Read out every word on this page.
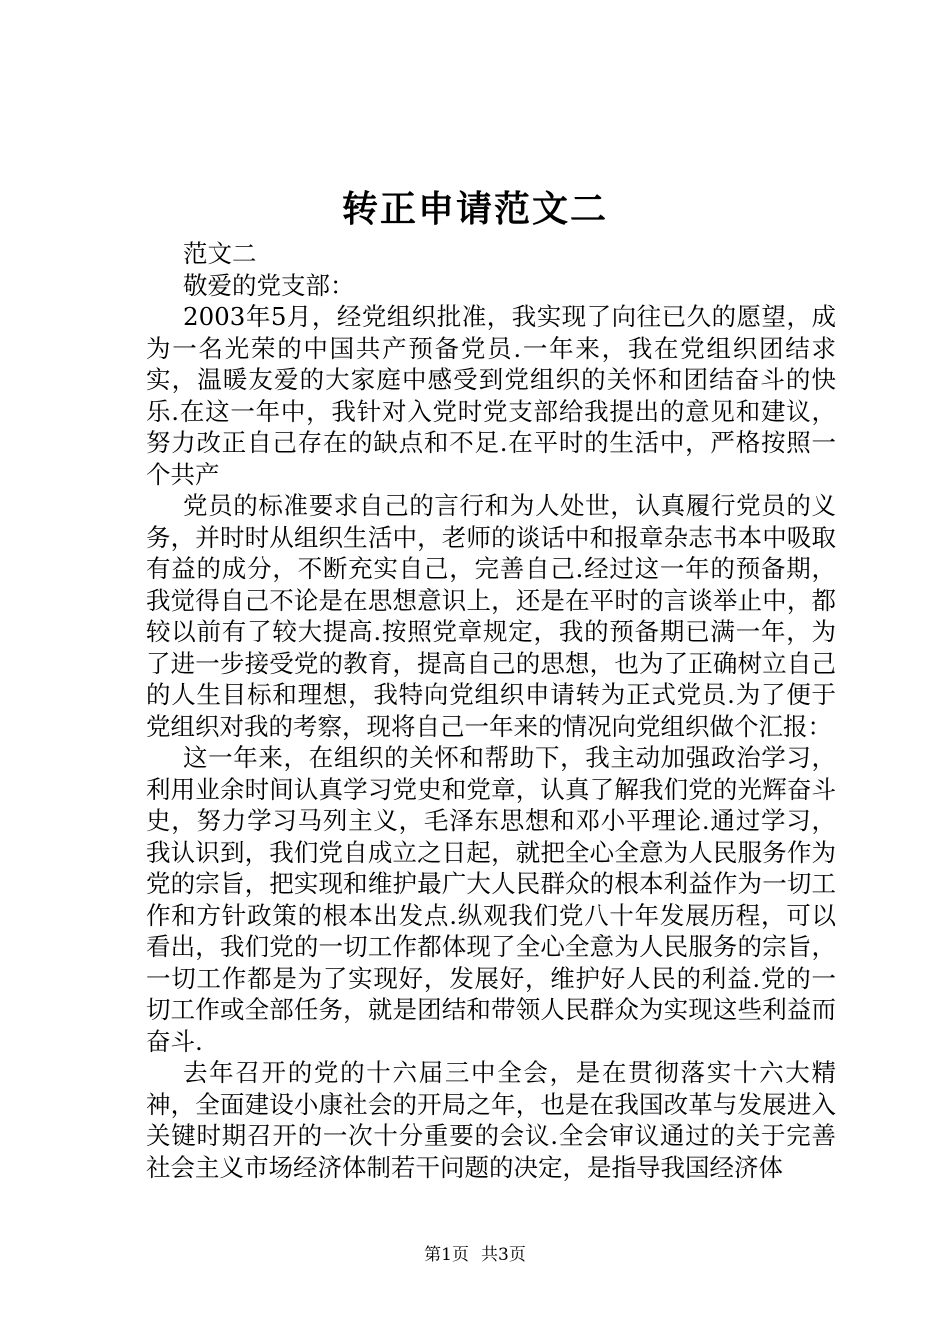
转正申请范文二

范文二

敬爱的党支部：

2003年5月，经党组织批准，我实现了向往已久的愿望，成为一名光荣的中国共产预备党员.一年来，我在党组织团结求实，温暖友爱的大家庭中感受到党组织的关怀和团结奋斗的快乐.在这一年中，我针对入党时党支部给我提出的意见和建议，努力改正自己存在的缺点和不足.在平时的生活中，严格按照一个共产

党员的标准要求自己的言行和为人处世，认真履行党员的义务，并时时从组织生活中，老师的谈话中和报章杂志书本中吸取有益的成分，不断充实自己，完善自己.经过这一年的预备期，我觉得自己不论是在思想意识上，还是在平时的言谈举止中，都较以前有了较大提高.按照党章规定，我的预备期已满一年，为了进一步接受党的教育，提高自己的思想，也为了正确树立自己的人生目标和理想，我特向党组织申请转为正式党员.为了便于党组织对我的考察，现将自己一年来的情况向党组织做个汇报：

这一年来，在组织的关怀和帮助下，我主动加强政治学习，利用业余时间认真学习党史和党章，认真了解我们党的光辉奋斗史，努力学习马列主义，毛泽东思想和邓小平理论.通过学习，我认识到，我们党自成立之日起，就把全心全意为人民服务作为党的宗旨，把实现和维护最广大人民群众的根本利益作为一切工作和方针政策的根本出发点.纵观我们党八十年发展历程，可以看出，我们党的一切工作都体现了全心全意为人民服务的宗旨，一切工作都是为了实现好，发展好，维护好人民的利益.党的一切工作或全部任务，就是团结和带领人民群众为实现这些利益而奋斗.

去年召开的党的十六届三中全会，是在贯彻落实十六大精神，全面建设小康社会的开局之年，也是在我国改革与发展进入关键时期召开的一次十分重要的会议.全会审议通过的关于完善社会主义市场经济体制若干问题的决定，是指导我国经济体

第1页 共3页
